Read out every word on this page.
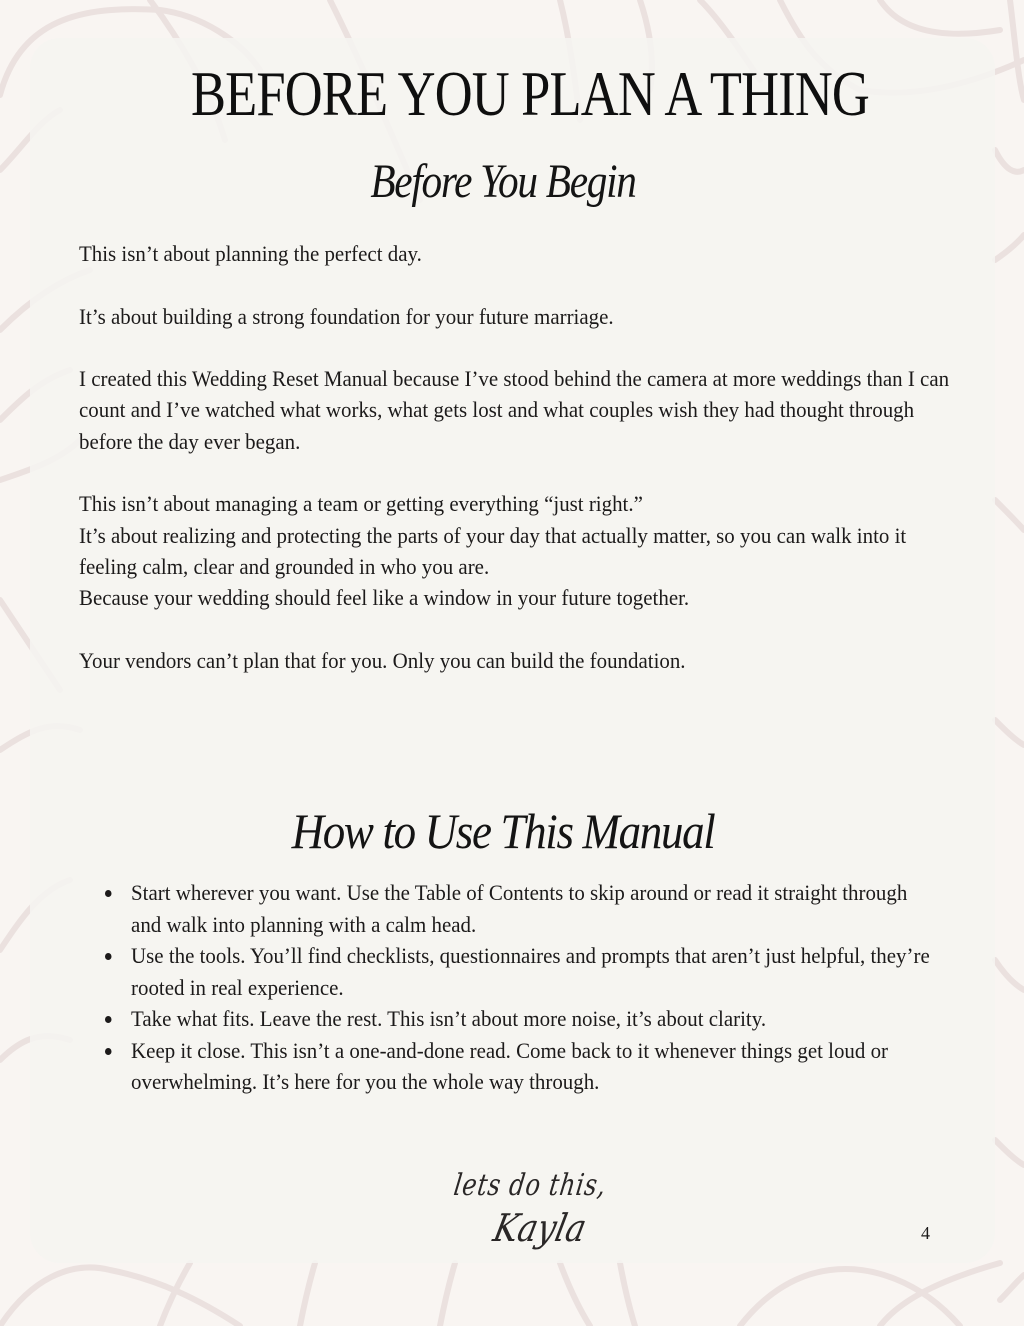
BEFORE YOU PLAN A THING
Before You Begin

This isn’t about planning the perfect day.

It’s about building a strong foundation for your future marriage.

I created this Wedding Reset Manual because I’ve stood behind the camera at more weddings than I can count and I’ve watched what works, what gets lost and what couples wish they had thought through before the day ever began.

This isn’t about managing a team or getting everything “just right.”

It’s about realizing and protecting the parts of your day that actually matter, so you can walk into it feeling calm, clear and grounded in who you are.

Because your wedding should feel like a window in your future together.

Your vendors can’t plan that for you. Only you can build the foundation.

How to Use This Manual
Start wherever you want. Use the Table of Contents to skip around or read it straight through and walk into planning with a calm head.
Use the tools. You’ll find checklists, questionnaires and prompts that aren’t just helpful, they’re rooted in real experience.
Take what fits. Leave the rest. This isn’t about more noise, it’s about clarity.
Keep it close. This isn’t a one-and-done read. Come back to it whenever things get loud or overwhelming. It’s here for you the whole way through.
lets do this,
Kayla	4
